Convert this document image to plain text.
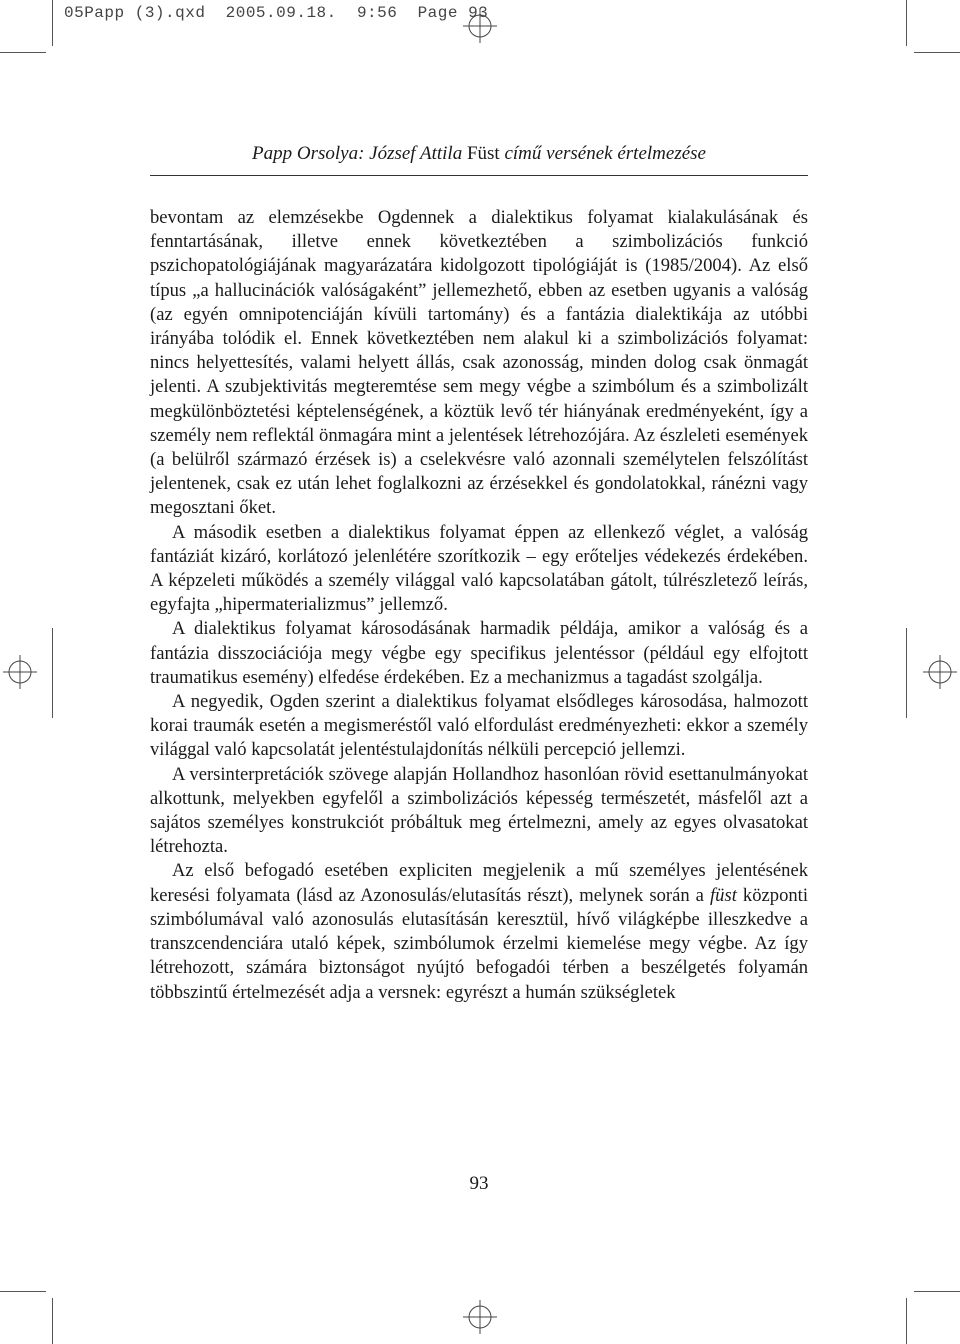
05Papp (3).qxd 2005.09.18.  9:56 Page 93
Papp Orsolya: József Attila Füst című versének értelmezése

bevontam az elemzésekbe Ogdennek a dialektikus folyamat kialakulásának és fenntartásának, illetve ennek következtében a szimbolizációs funkció pszichopatológiájának magyarázatára kidolgozott tipológiáját is (1985/2004). Az első típus „a hallucinációk valóságaként” jellemezhető, ebben az esetben ugyanis a valóság (az egyén omnipotenciáján kívüli tartomány) és a fantázia dialektikája az utóbbi irányába tolódik el. Ennek következtében nem alakul ki a szimbolizációs folyamat: nincs helyettesítés, valami helyett állás, csak azonosság, minden dolog csak önmagát jelenti. A szubjektivitás megteremtése sem megy végbe a szimbólum és a szimbolizált megkülönböztetési képtelenségének, a köztük levő tér hiányának eredményeként, így a személy nem reflektál önmagára mint a jelentések létrehozójára. Az észleleti események (a belülről származó érzések is) a cselekvésre való azonnali személytelen felszólítást jelentenek, csak ez után lehet foglalkozni az érzésekkel és gondolatokkal, ránézni vagy megosztani őket.

A második esetben a dialektikus folyamat éppen az ellenkező véglet, a valóság fantáziát kizáró, korlátozó jelenlétére szorítkozik – egy erőteljes védekezés érdekében. A képzeleti működés a személy világgal való kapcsolatában gátolt, túlrészletező leírás, egyfajta „hipermaterializmus” jellemző.

A dialektikus folyamat károsodásának harmadik példája, amikor a valóság és a fantázia disszociációja megy végbe egy specifikus jelentéssor (például egy elfojtott traumatikus esemény) elfedése érdekében. Ez a mechanizmus a tagadást szolgálja.

A negyedik, Ogden szerint a dialektikus folyamat elsődleges károsodása, halmozott korai traumák esetén a megismeréstől való elfordulást eredményezheti: ekkor a személy világgal való kapcsolatát jelentéstulajdonítás nélküli percepció jellemzi.

A versinterpretációk szövege alapján Hollandhoz hasonlóan rövid esettanulmányokat alkottunk, melyekben egyfelől a szimbolizációs képesség természetét, másfelől azt a sajátos személyes konstrukciót próbáltuk meg értelmezni, amely az egyes olvasatokat létrehozta.

Az első befogadó esetében expliciten megjelenik a mű személyes jelentésének keresési folyamata (lásd az Azonosulás/elutasítás részt), melynek során a füst központi szimbólumával való azonosulás elutasításán keresztül, hívő világképbe illeszkedve a transzcendenciára utaló képek, szimbólumok érzelmi kiemelése megy végbe. Az így létrehozott, számára biztonságot nyújtó befogadói térben a beszélgetés folyamán többszintű értelmezését adja a versnek: egyrészt a humán szükségletek

93
